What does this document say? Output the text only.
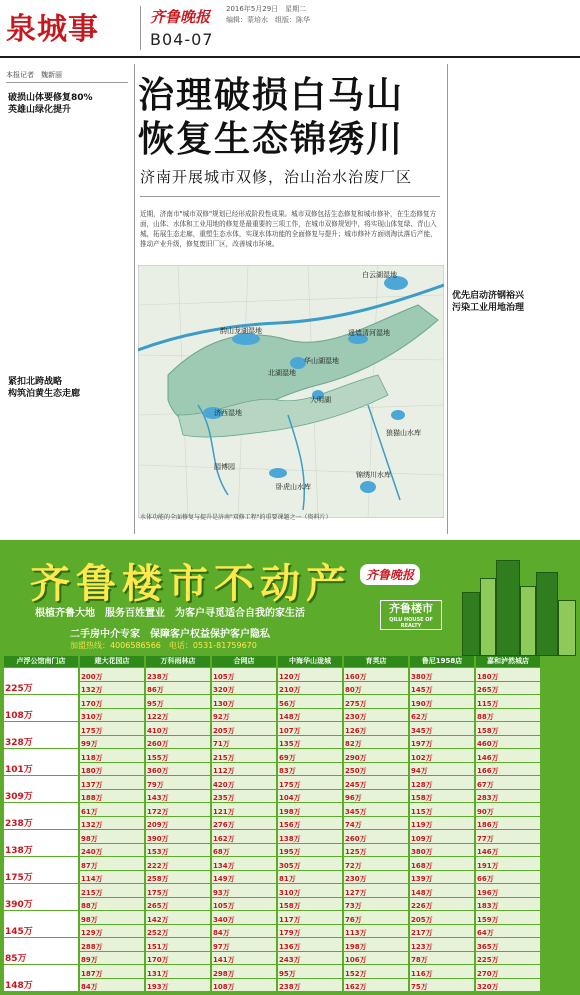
泉城事	齐鲁晚报 2016年5月29日　星期二
编辑：蒙培水　组版：陈华
B04-07
本报记者　魏新丽
破损山体要修复80%
英雄山绿化提升
紧扣北跨战略
构筑泊黄生态走廊
治理破损白马山
恢复生态锦绣川
济南开展城市双修，治山治水治废厂区
近期，济南市"城市双修"规划已经形成阶段性成果。城市双修包括生态修复和城市修补，在生态修复方面，山体、水体和工业用地的修复是最重要的三项工作，在城市双修规划中，将实现山体复绿、青山入城，拓展生态走廊，重塑生态水体，实现水体功能的全面修复与提升；城市修补方面则淘汰落后产能，推动产业升级，修复废旧厂区，改善城市环境。
白云湖湿地
韵山龙湖湿地	遥墙清河湿地
华山湖湿地
北湖湿地
大明湖
济西湿地
狼猫山水库
园博园
卧虎山水库
锦绣川水库
水体功能的全面修复与提升是济南"双修工程"的重要课题之一（资料片）
优先启动济钢裕兴
污染工业用地治理
齐鲁楼市不动产
根植齐鲁大地　服务百姓置业　为客户寻觅适合自我的家生活
二手房中介专家　保障客户权益保护客户隐私
加盟热线：4006586566　电话：0531-81759670
齐鲁晚报
齐鲁楼市
QILU HOUSE OF REALTY
卢浮公馆南门店	建大花园店	万科雨林店	合网店	中海华山珑城	育英店	鲁尼1958店	嘉和泸然城店
225万
200万	238万	105万	120万	160万	380万	180万
132万	86万	320万	210万	80万	145万	265万
108万
170万	95万	130万	56万	275万	190万	115万
310万	122万	92万	148万	230万	62万	88万
328万
175万	410万	205万	107万	126万	345万	158万
99万	260万	71万	135万	82万	197万	460万
101万
118万	155万	215万	69万	290万	102万	146万
180万	360万	112万	83万	250万	94万	166万
309万
137万	79万	420万	175万	245万	128万	67万
188万	143万	235万	104万	96万	158万	283万
238万
61万	172万	121万	198万	345万	115万	90万
132万	209万	276万	156万	74万	119万	186万
138万
98万	390万	162万	138万	260万	109万	77万
240万	153万	68万	195万	125万	380万	146万
175万
87万	222万	134万	305万	72万	168万	191万
114万	258万	149万	81万	230万	139万	66万
390万
215万	175万	93万	310万	127万	148万	196万
88万	265万	105万	158万	73万	226万	183万
145万
98万	142万	340万	117万	76万	205万	159万
129万	252万	84万	179万	113万	217万	64万
85万
288万	151万	97万	136万	198万	123万	365万
89万	170万	141万	243万	106万	78万	225万
148万
187万	131万	298万	95万	152万	116万	270万
84万	193万	108万	238万	162万	75万	320万
